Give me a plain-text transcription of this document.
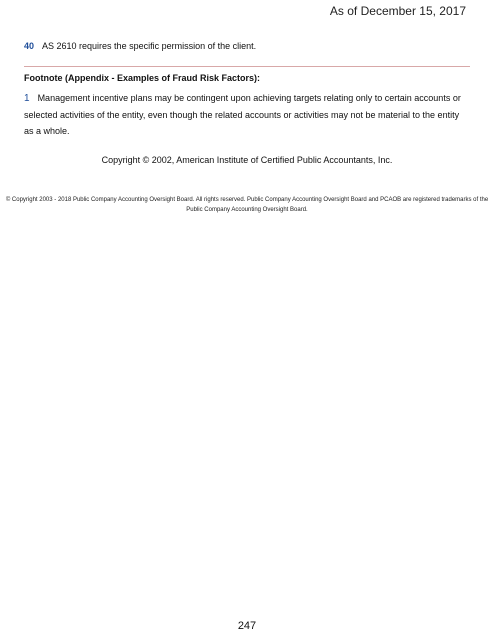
As of December 15, 2017
40 AS 2610 requires the specific permission of the client.
Footnote (Appendix - Examples of Fraud Risk Factors):
1 Management incentive plans may be contingent upon achieving targets relating only to certain accounts or selected activities of the entity, even though the related accounts or activities may not be material to the entity as a whole.
Copyright © 2002, American Institute of Certified Public Accountants, Inc.
© Copyright 2003 - 2018 Public Company Accounting Oversight Board. All rights reserved. Public Company Accounting Oversight Board and PCAOB are registered trademarks of the Public Company Accounting Oversight Board.
247
